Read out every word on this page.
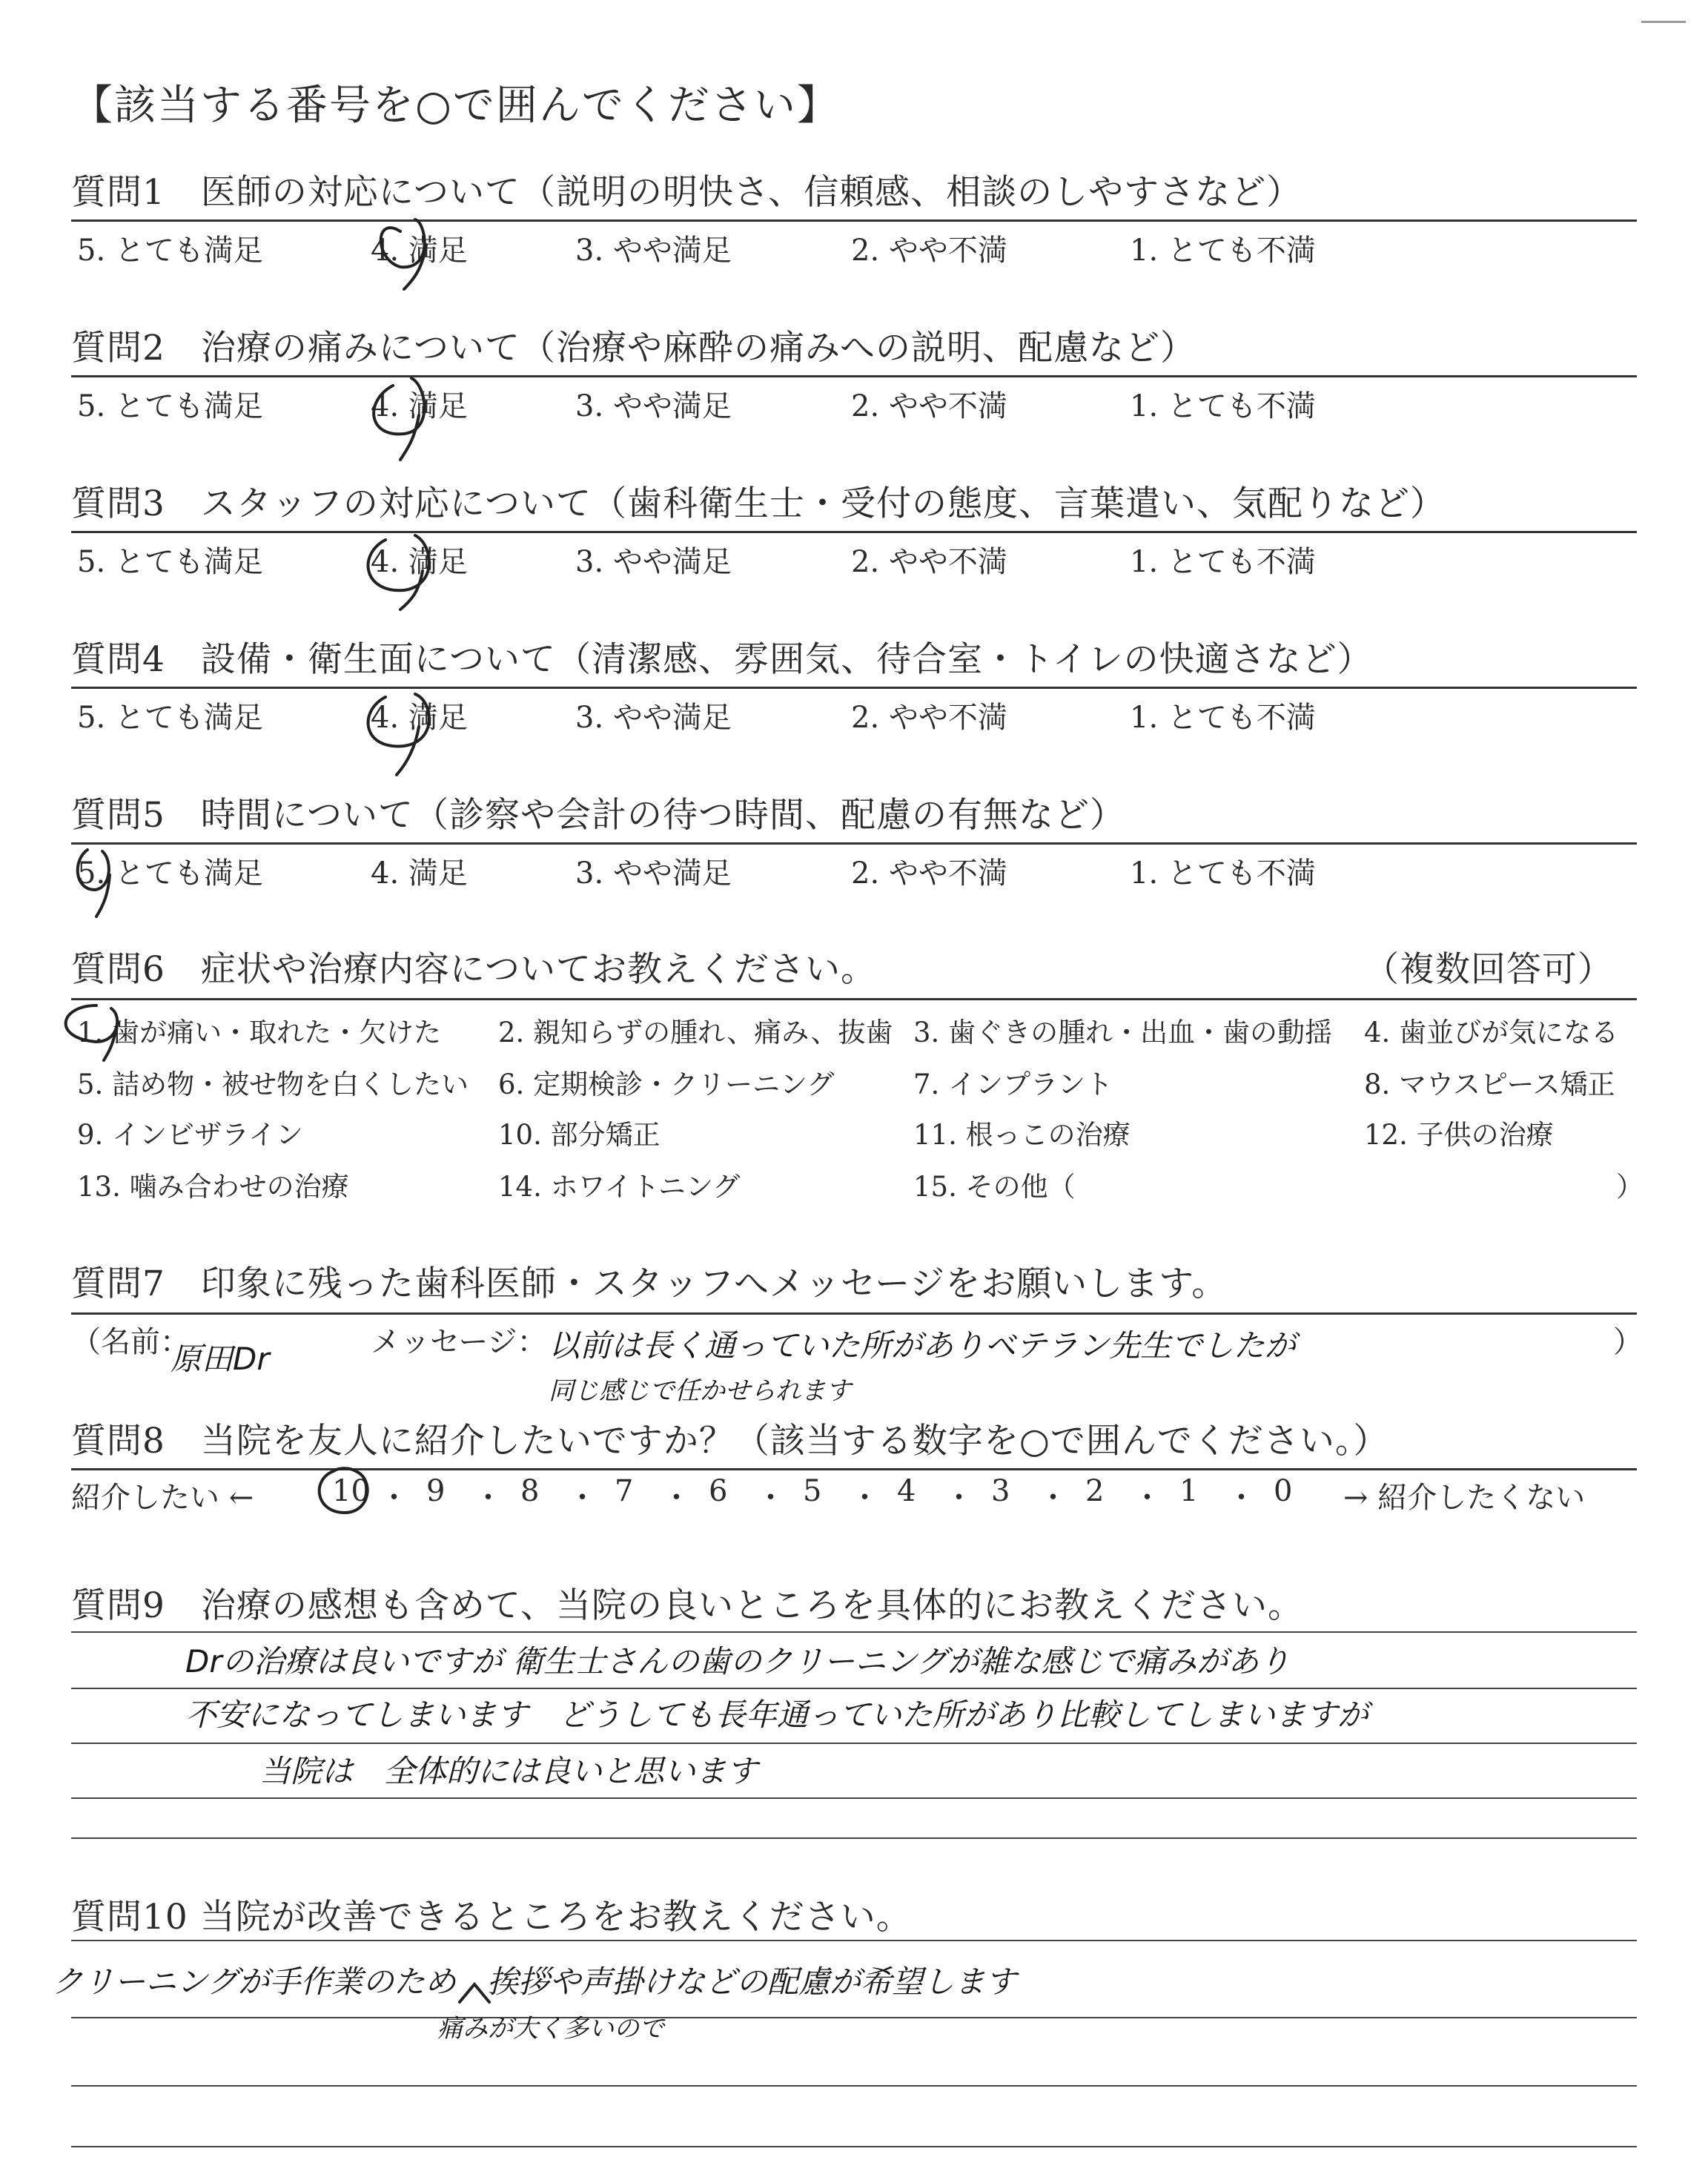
【該当する番号を○で囲んでください】
質問1　医師の対応について（説明の明快さ、信頼感、相談のしやすさなど）
5. とても満足	4. 満足	3. やや満足	2. やや不満	1. とても不満
質問2　治療の痛みについて（治療や麻酔の痛みへの説明、配慮など）
5. とても満足	4. 満足	3. やや満足	2. やや不満	1. とても不満
質問3　スタッフの対応について（歯科衛生士・受付の態度、言葉遣い、気配りなど）
5. とても満足	4. 満足	3. やや満足	2. やや不満	1. とても不満
質問4　設備・衛生面について（清潔感、雰囲気、待合室・トイレの快適さなど）
5. とても満足	4. 満足	3. やや満足	2. やや不満	1. とても不満
質問5　時間について（診察や会計の待つ時間、配慮の有無など）
5. とても満足	4. 満足	3. やや満足	2. やや不満	1. とても不満
質問6　症状や治療内容についてお教えください。	（複数回答可）
1. 歯が痛い・取れた・欠けた 2. 親知らずの腫れ、痛み、抜歯 3. 歯ぐきの腫れ・出血・歯の動揺 4. 歯並びが気になる
5. 詰め物・被せ物を白くしたい 6. 定期検診・クリーニング	7. インプラント	8. マウスピース矯正
9. インビザライン	10. 部分矯正	11. 根っこの治療	12. 子供の治療
13. 噛み合わせの治療	14. ホワイトニング	15. その他（	）
質問7　印象に残った歯科医師・スタッフへメッセージをお願いします。
（名前：
原田Dr	メッセージ： 以前は長く通っていた所がありベテラン先生でしたが
同じ感じで任かせられます
）
質問8　当院を友人に紹介したいですか？（該当する数字を○で囲んでください。）
紹介したい ←	10 ・ 9 ・ 8 ・ 7 ・ 6 ・ 5 ・ 4 ・ 3 ・ 2 ・ 1 ・ 0 → 紹介したくない
質問9　治療の感想も含めて、当院の良いところを具体的にお教えください。
Drの治療は良いですが 衛生士さんの歯のクリーニングが雑な感じで痛みがあり
不安になってしまいます　どうしても長年通っていた所があり比較してしまいますが
当院は　全体的には良いと思います
質問10 当院が改善できるところをお教えください。
クリーニングが手作業のため　挨拶や声掛けなどの配慮が希望します
痛みが大く多いので
